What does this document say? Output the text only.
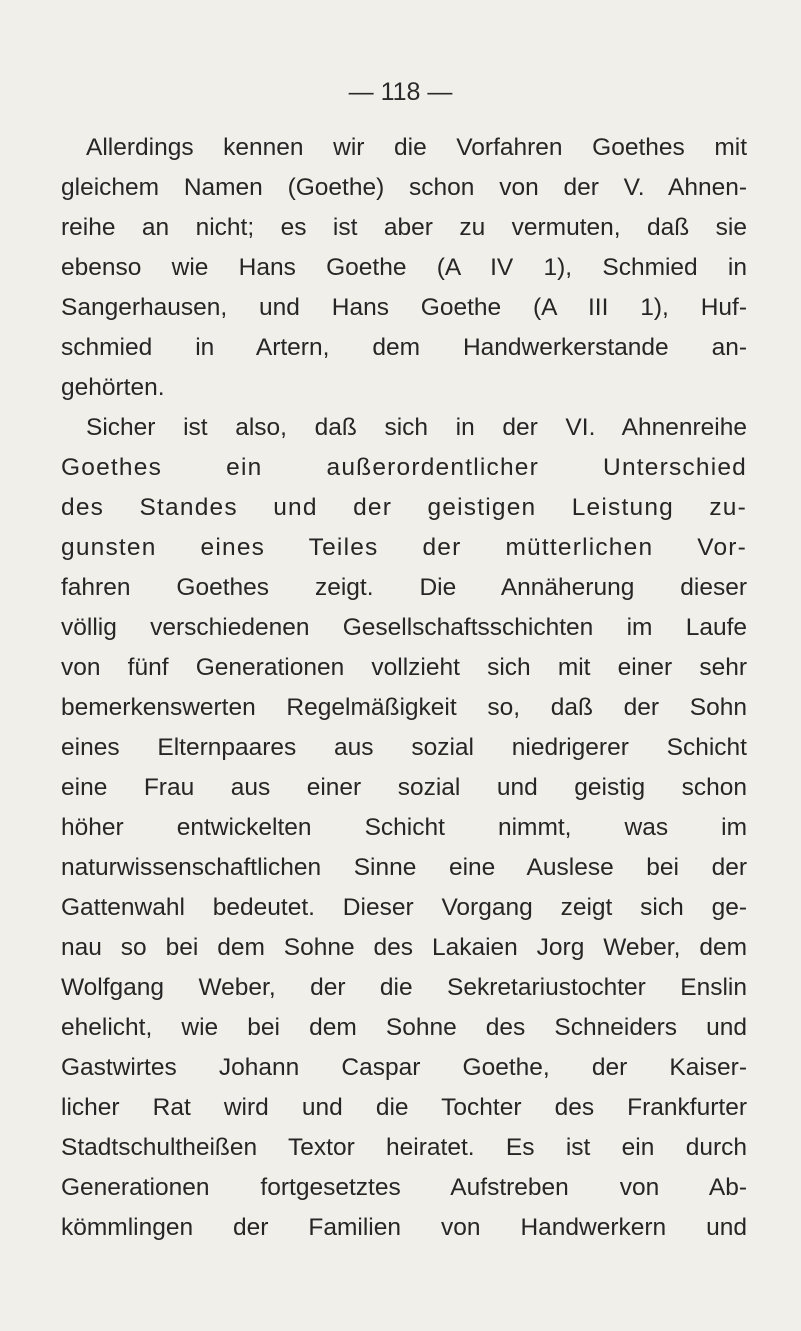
— 118 —
Allerdings kennen wir die Vorfahren Goethes mit
gleichem Namen (Goethe) schon von der V. Ahnen-
reihe an nicht; es ist aber zu vermuten, daß sie
ebenso wie Hans Goethe (A IV 1), Schmied in
Sangerhausen, und Hans Goethe (A III 1), Huf-
schmied in Artern, dem Handwerkerstande an-
gehörten.
Sicher ist also, daß sich in der VI. Ahnenreihe
Goethes ein außerordentlicher Unterschied
des Standes und der geistigen Leistung zu-
gunsten eines Teiles der mütterlichen Vor-
fahren Goethes zeigt. Die Annäherung dieser
völlig verschiedenen Gesellschaftsschichten im Laufe
von fünf Generationen vollzieht sich mit einer sehr
bemerkenswerten Regelmäßigkeit so, daß der Sohn
eines Elternpaares aus sozial niedrigerer Schicht
eine Frau aus einer sozial und geistig schon
höher entwickelten Schicht nimmt, was im
naturwissenschaftlichen Sinne eine Auslese bei der
Gattenwahl bedeutet. Dieser Vorgang zeigt sich ge-
nau so bei dem Sohne des Lakaien Jorg Weber, dem
Wolfgang Weber, der die Sekretariustochter Enslin
ehelicht, wie bei dem Sohne des Schneiders und
Gastwirtes Johann Caspar Goethe, der Kaiser-
licher Rat wird und die Tochter des Frankfurter
Stadtschultheißen Textor heiratet. Es ist ein durch
Generationen fortgesetztes Aufstreben von Ab-
kömmlingen der Familien von Handwerkern und
